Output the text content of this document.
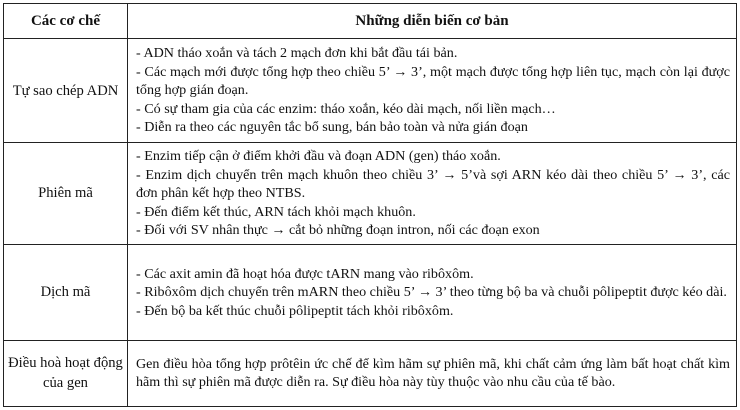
Các cơ chế	Những diễn biến cơ bản
Tự sao chép ADN	- ADN tháo xoắn và tách 2 mạch đơn khi bắt đầu tái bản.
- Các mạch mới được tổng hợp theo chiều 5’ → 3’, một mạch được tổng hợp liên tục, mạch còn lại được tổng hợp gián đoạn.
- Có sự tham gia của các enzim: tháo xoắn, kéo dài mạch, nối liền mạch…
- Diễn ra theo các nguyên tắc bổ sung, bán bảo toàn và nửa gián đoạn

Phiên mã	- Enzim tiếp cận ở điểm khởi đầu và đoạn ADN (gen) tháo xoắn.
- Enzim dịch chuyển trên mạch khuôn theo chiều 3’ → 5’và sợi ARN kéo dài theo chiều 5’ → 3’, các đơn phân kết hợp theo NTBS.
- Đến điểm kết thúc, ARN tách khỏi mạch khuôn.
- Đối với SV nhân thực → cắt bỏ những đoạn intron, nối các đoạn exon

Dịch mã	- Các axit amin đã hoạt hóa được tARN mang vào ribôxôm.
- Ribôxôm dịch chuyển trên mARN theo chiều 5’ → 3’ theo từng bộ ba và chuỗi pôlipeptit được kéo dài.
- Đến bộ ba kết thúc chuỗi pôlipeptit tách khỏi ribôxôm.

Điều hoà hoạt động của gen	Gen điều hòa tổng hợp prôtêin ức chế để kìm hãm sự phiên mã, khi chất cảm ứng làm bất hoạt chất kìm hãm thì sự phiên mã được diễn ra. Sự điều hòa này tùy thuộc vào nhu cầu của tế bào.
